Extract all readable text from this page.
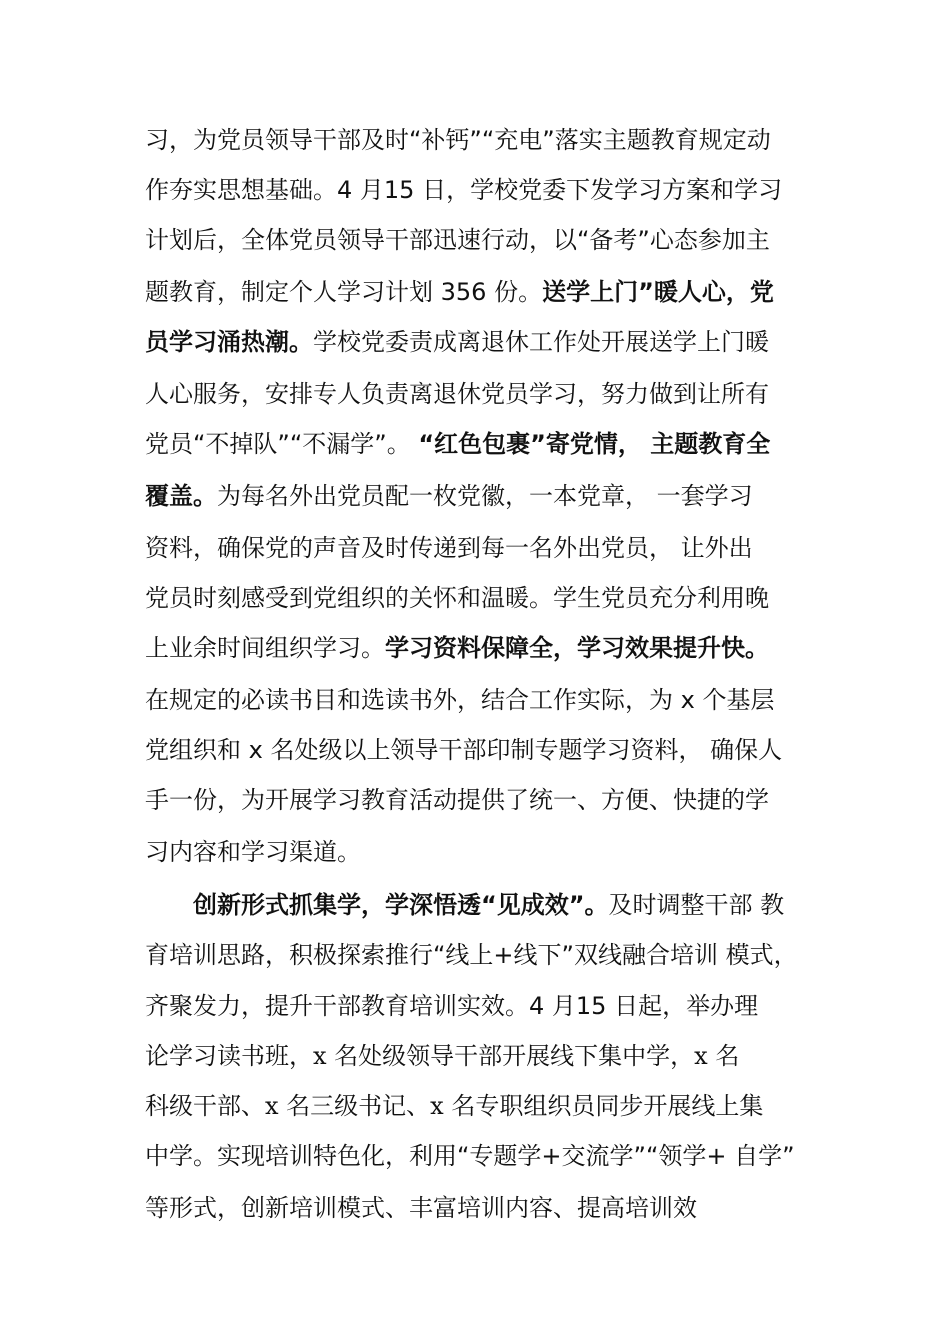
习，为党员领导干部及时“补钙”“充电”落实主题教育规定动
作夯实思想基础。4 月15 日，学校党委下发学习方案和学习
计划后，全体党员领导干部迅速行动，以“备考”心态参加主
题教育，制定个人学习计划 356 份。送学上门”暖人心，党
员学习涌热潮。学校党委责成离退休工作处开展送学上门暖
人心服务，安排专人负责离退休党员学习，努力做到让所有
党员“不掉队”“不漏学”。 “红色包裹”寄党情， 主题教育全
覆盖。为每名外出党员配一枚党徽，一本党章， 一套学习
资料，确保党的声音及时传递到每一名外出党员， 让外出
党员时刻感受到党组织的关怀和温暖。学生党员充分利用晚
上业余时间组织学习。学习资料保障全，学习效果提升快。
在规定的必读书目和选读书外，结合工作实际，为 x 个基层
党组织和 x 名处级以上领导干部印制专题学习资料， 确保人
手一份，为开展学习教育活动提供了统一、方便、快捷的学
习内容和学习渠道。
创新形式抓集学，学深悟透“见成效”。及时调整干部 教
育培训思路，积极探索推行“线上+线下”双线融合培训 模式，
齐聚发力，提升干部教育培训实效。4 月15 日起，举办理
论学习读书班，x 名处级领导干部开展线下集中学，x 名
科级干部、x 名三级书记、x 名专职组织员同步开展线上集
中学。实现培训特色化，利用“专题学+交流学”“领学+ 自学”
等形式，创新培训模式、丰富培训内容、提高培训效
